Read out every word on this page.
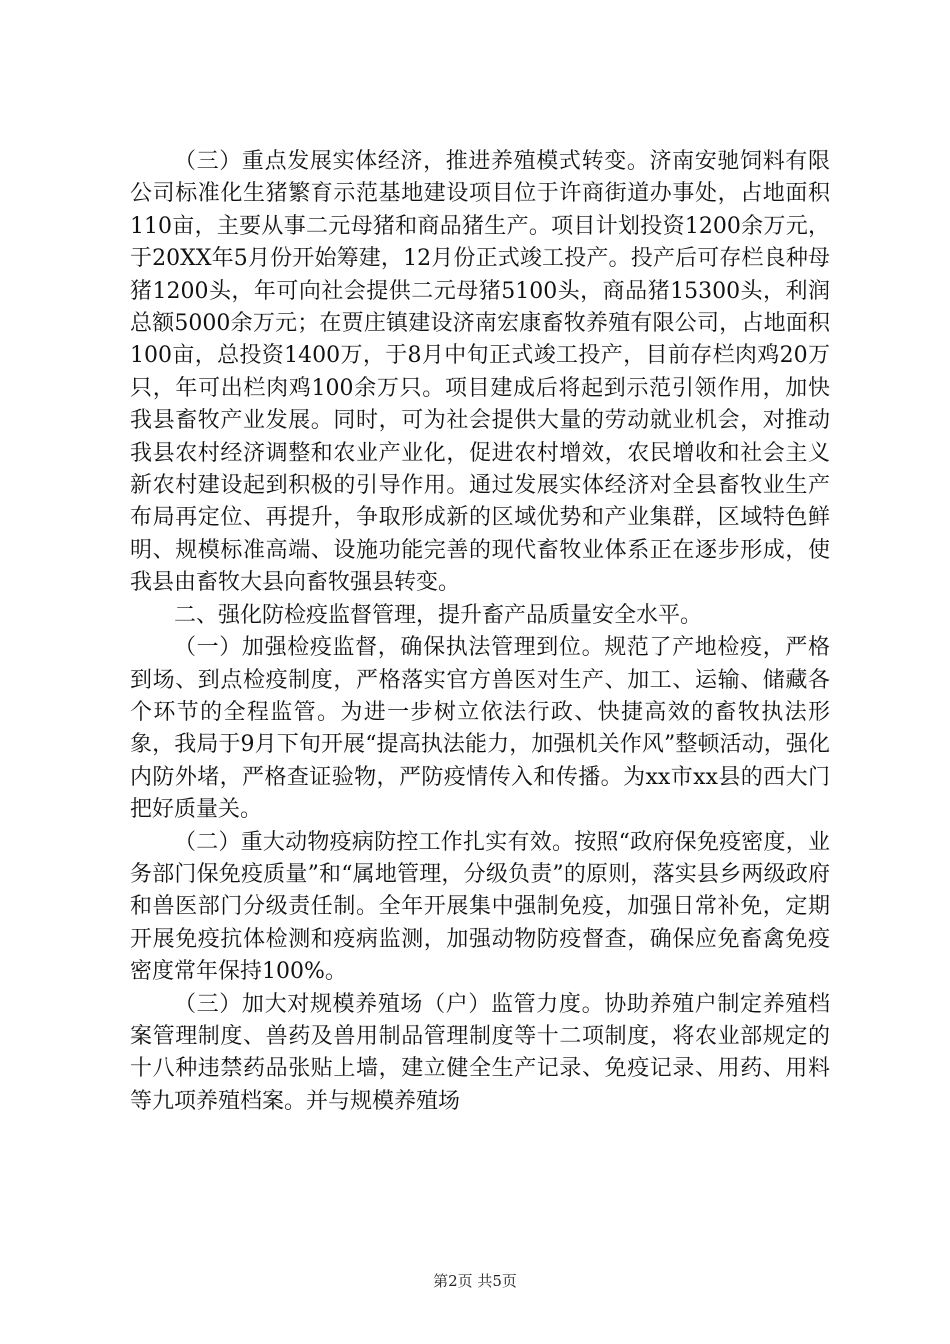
（三）重点发展实体经济，推进养殖模式转变。济南安驰饲料有限公司标准化生猪繁育示范基地建设项目位于许商街道办事处，占地面积110亩，主要从事二元母猪和商品猪生产。项目计划投资1200余万元，于20XX年5月份开始筹建，12月份正式竣工投产。投产后可存栏良种母猪1200头，年可向社会提供二元母猪5100头，商品猪15300头，利润总额5000余万元；在贾庄镇建设济南宏康畜牧养殖有限公司，占地面积100亩，总投资1400万，于8月中旬正式竣工投产，目前存栏肉鸡20万只，年可出栏肉鸡100余万只。项目建成后将起到示范引领作用，加快我县畜牧产业发展。同时，可为社会提供大量的劳动就业机会，对推动我县农村经济调整和农业产业化，促进农村增效，农民增收和社会主义新农村建设起到积极的引导作用。通过发展实体经济对全县畜牧业生产布局再定位、再提升，争取形成新的区域优势和产业集群，区域特色鲜明、规模标准高端、设施功能完善的现代畜牧业体系正在逐步形成，使我县由畜牧大县向畜牧强县转变。

二、强化防检疫监督管理，提升畜产品质量安全水平。

（一）加强检疫监督，确保执法管理到位。规范了产地检疫，严格到场、到点检疫制度，严格落实官方兽医对生产、加工、运输、储藏各个环节的全程监管。为进一步树立依法行政、快捷高效的畜牧执法形象，我局于9月下旬开展“提高执法能力，加强机关作风”整顿活动，强化内防外堵，严格查证验物，严防疫情传入和传播。为xx市xx县的西大门把好质量关。

（二）重大动物疫病防控工作扎实有效。按照“政府保免疫密度，业务部门保免疫质量”和“属地管理，分级负责”的原则，落实县乡两级政府和兽医部门分级责任制。全年开展集中强制免疫，加强日常补免，定期开展免疫抗体检测和疫病监测，加强动物防疫督查，确保应免畜禽免疫密度常年保持100%。

（三）加大对规模养殖场（户）监管力度。协助养殖户制定养殖档案管理制度、兽药及兽用制品管理制度等十二项制度，将农业部规定的十八种违禁药品张贴上墙，建立健全生产记录、免疫记录、用药、用料等九项养殖档案。并与规模养殖场

第2页 共5页
